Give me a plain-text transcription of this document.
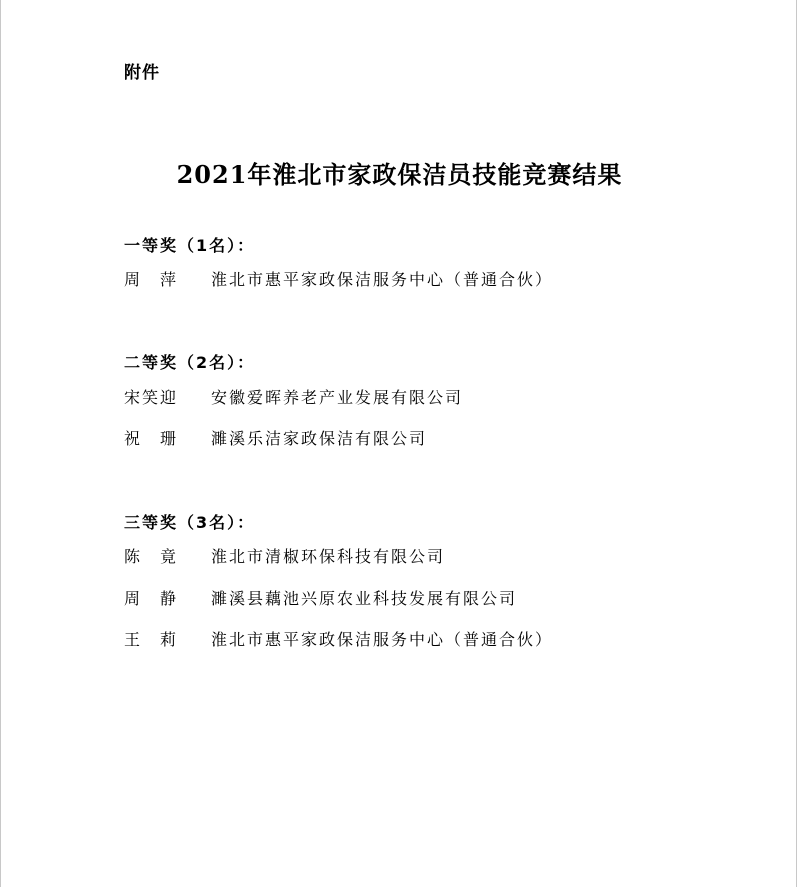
附件
2021年淮北市家政保洁员技能竞赛结果
一等奖（1名）：
周　萍	淮北市惠平家政保洁服务中心（普通合伙）
二等奖（2名）：
宋笑迎	安徽爱晖养老产业发展有限公司
祝　珊	濉溪乐洁家政保洁有限公司
三等奖（3名）：
陈　竟	淮北市清椒环保科技有限公司
周　静	濉溪县藕池兴原农业科技发展有限公司
王　莉	淮北市惠平家政保洁服务中心（普通合伙）
